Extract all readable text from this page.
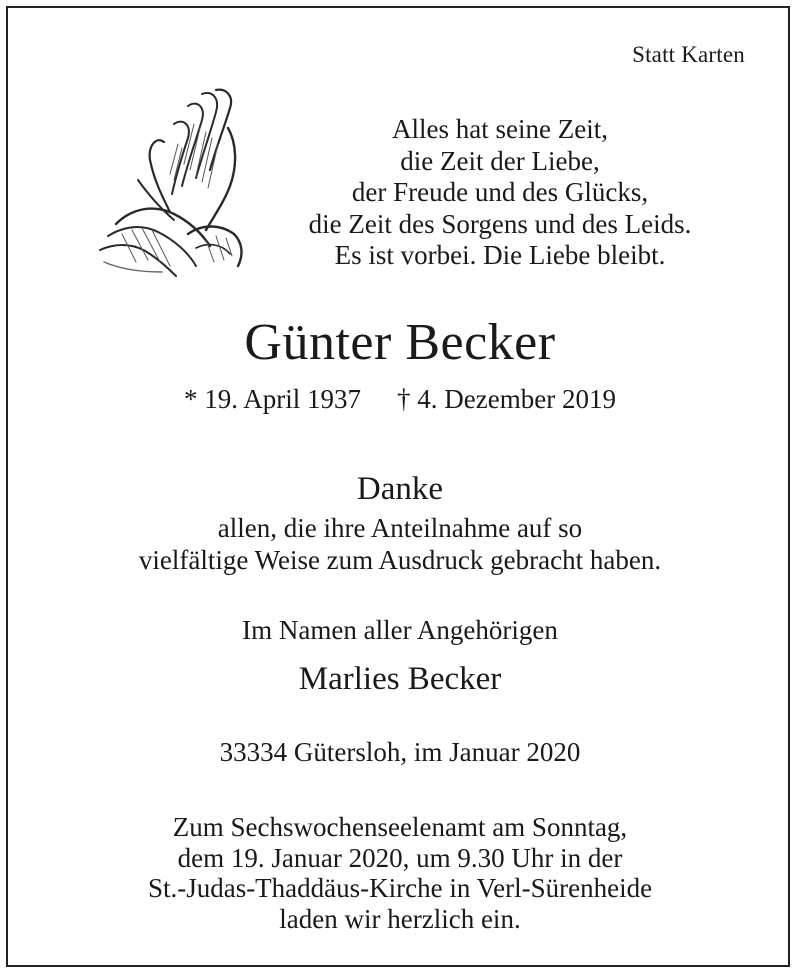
Statt Karten
Alles hat seine Zeit,
die Zeit der Liebe,
der Freude und des Glücks,
die Zeit des Sorgens und des Leids.
Es ist vorbei. Die Liebe bleibt.
Günter Becker
* 19. April 1937 † 4. Dezember 2019
Danke
allen, die ihre Anteilnahme auf so
vielfältige Weise zum Ausdruck gebracht haben.
Im Namen aller Angehörigen
Marlies Becker
33334 Gütersloh, im Januar 2020
Zum Sechswochenseelenamt am Sonntag,
dem 19. Januar 2020, um 9.30 Uhr in der
St.-Judas-Thaddäus-Kirche in Verl-Sürenheide
laden wir herzlich ein.
